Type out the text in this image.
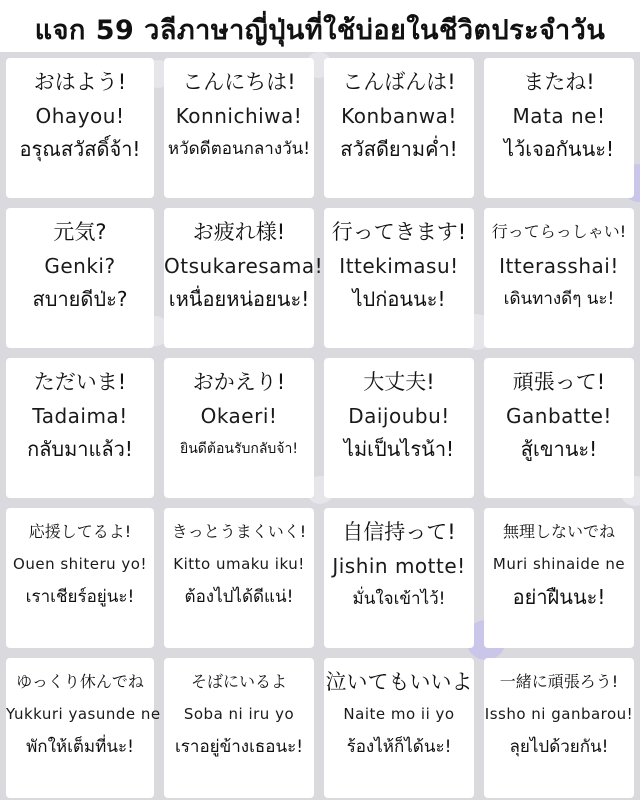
แจก 59 วลีภาษาญี่ปุ่นที่ใช้บ่อยในชีวิตประจำวัน
おはよう!
Ohayou!
อรุณสวัสดิ์จ้า!
こんにちは!
Konnichiwa!
หวัดดีตอนกลางวัน!
こんばんは!
Konbanwa!
สวัสดียามค่ำ!
またね!
Mata ne!
ไว้เจอกันนะ!
元気?
Genki?
สบายดีป่ะ?
お疲れ様!
Otsukaresama!
เหนื่อยหน่อยนะ!
行ってきます!
Ittekimasu!
ไปก่อนนะ!
行ってらっしゃい!
Itterasshai!
เดินทางดีๆ นะ!
ただいま!
Tadaima!
กลับมาแล้ว!
おかえり!
Okaeri!
ยินดีต้อนรับกลับจ้า!
大丈夫!
Daijoubu!
ไม่เป็นไรน้า!
頑張って!
Ganbatte!
สู้เขานะ!
応援してるよ!
Ouen shiteru yo!
เราเชียร์อยู่นะ!
きっとうまくいく!
Kitto umaku iku!
ต้องไปได้ดีแน่!
自信持って!
Jishin motte!
มั่นใจเข้าไว้!
無理しないでね
Muri shinaide ne
อย่าฝืนนะ!
ゆっくり休んでね
Yukkuri yasunde ne
พักให้เต็มที่นะ!
そばにいるよ
Soba ni iru yo
เราอยู่ข้างเธอนะ!
泣いてもいいよ
Naite mo ii yo
ร้องไห้ก็ได้นะ!
一緒に頑張ろう!
Issho ni ganbarou!
ลุยไปด้วยกัน!
